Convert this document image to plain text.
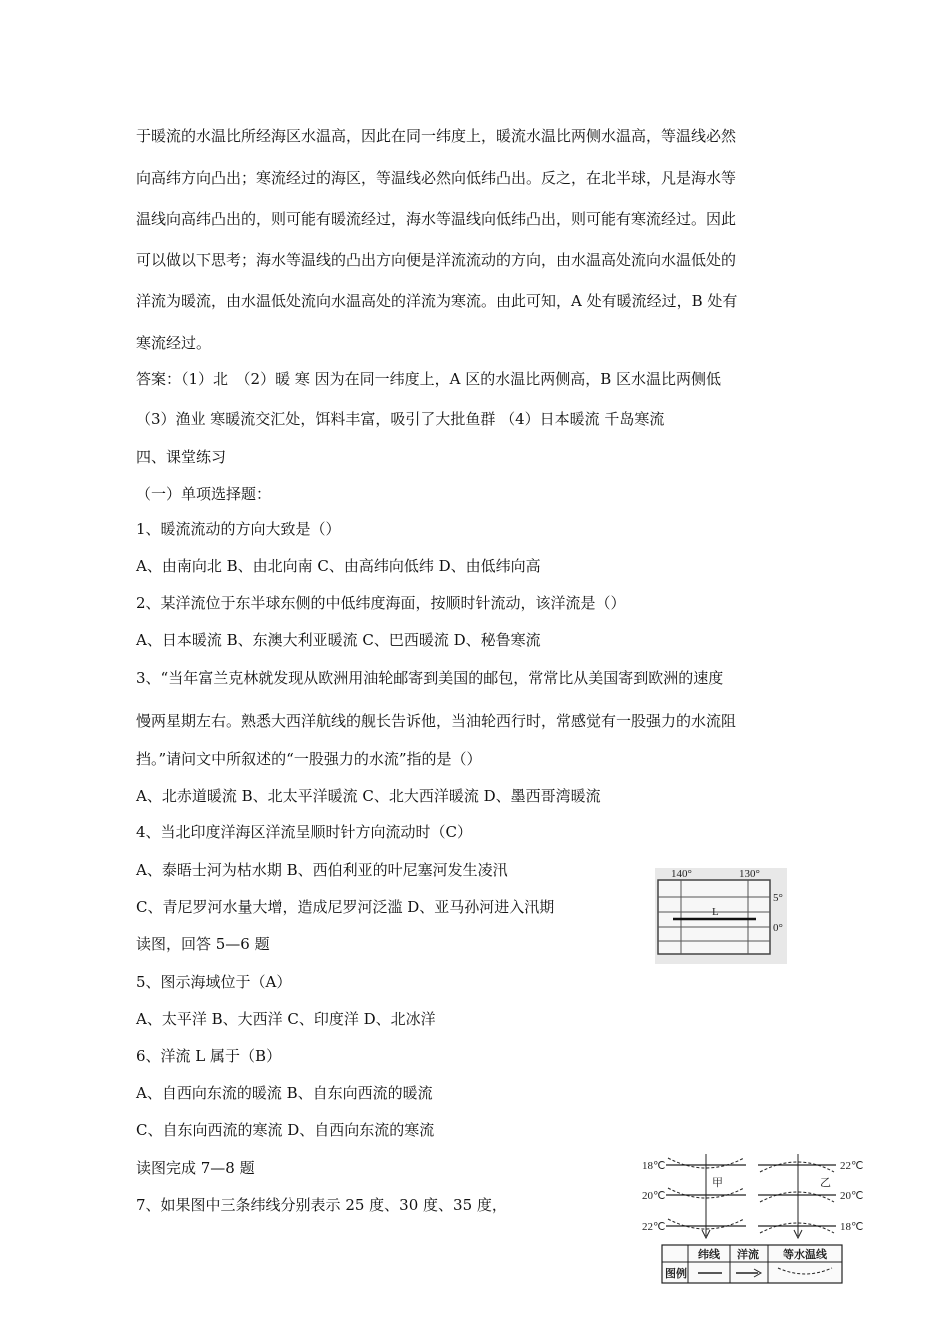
于暖流的水温比所经海区水温高，因此在同一纬度上，暖流水温比两侧水温高，等温线必然
向高纬方向凸出；寒流经过的海区，等温线必然向低纬凸出。反之，在北半球，凡是海水等
温线向高纬凸出的，则可能有暖流经过，海水等温线向低纬凸出，则可能有寒流经过。因此
可以做以下思考；海水等温线的凸出方向便是洋流流动的方向，由水温高处流向水温低处的
洋流为暖流，由水温低处流向水温高处的洋流为寒流。由此可知，A 处有暖流经过，B 处有
寒流经过。
答案：（1）北　（2）暖 寒 因为在同一纬度上，A 区的水温比两侧高，B 区水温比两侧低
（3）渔业 寒暖流交汇处，饵料丰富，吸引了大批鱼群 （4）日本暖流 千岛寒流
四、课堂练习
（一）单项选择题：
1、暖流流动的方向大致是（）
A、由南向北 B、由北向南 C、由高纬向低纬 D、由低纬向高
2、某洋流位于东半球东侧的中低纬度海面，按顺时针流动，该洋流是（）
A、日本暖流 B、东澳大利亚暖流 C、巴西暖流 D、秘鲁寒流
3、“当年富兰克林就发现从欧洲用油轮邮寄到美国的邮包，常常比从美国寄到欧洲的速度
慢两星期左右。熟悉大西洋航线的舰长告诉他，当油轮西行时，常感觉有一股强力的水流阻
挡。”请问文中所叙述的“一股强力的水流”指的是（）
A、北赤道暖流 B、北太平洋暖流 C、北大西洋暖流 D、墨西哥湾暖流
4、当北印度洋海区洋流呈顺时针方向流动时（C）
A、泰晤士河为枯水期 B、西伯利亚的叶尼塞河发生凌汛
C、青尼罗河水量大增，造成尼罗河泛滥 D、亚马孙河进入汛期
读图，回答 5—6 题
5、图示海域位于（A）
A、太平洋 B、大西洋 C、印度洋 D、北冰洋
6、洋流 L 属于（B）
A、自西向东流的暖流 B、自东向西流的暖流
C、自东向西流的寒流 D、自西向东流的寒流
读图完成 7—8 题
7、如果图中三条纬线分别表示 25 度、30 度、35 度，
140°	130°
5°
0°
L
18℃
20℃
22℃
甲
22℃
20℃
18℃
乙
图例
纬线 洋流 等水温线
